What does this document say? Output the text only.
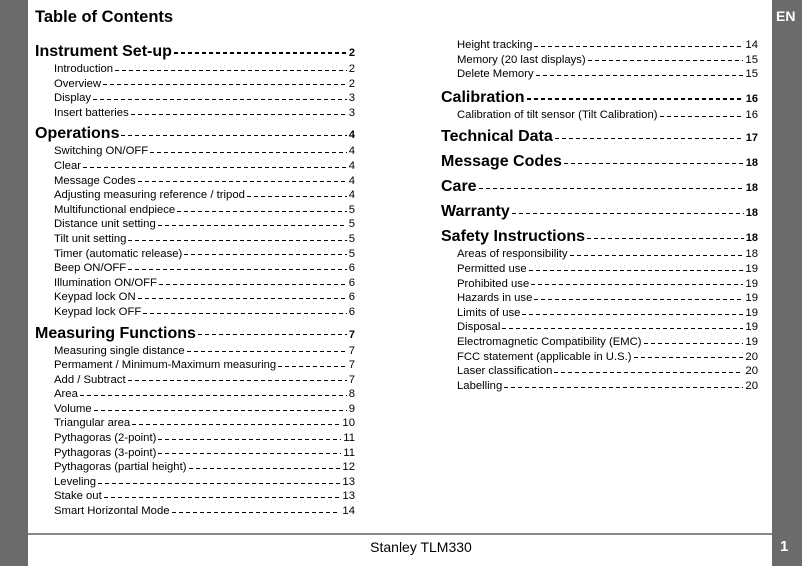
EN
1
Stanley TLM330
Table of Contents
Instrument Set-up	2
Introduction	2
Overview	2
Display	3
Insert batteries	3
Operations	4
Switching ON/OFF	4
Clear	4
Message Codes	4
Adjusting measuring reference / tripod	4
Multifunctional endpiece	5
Distance unit setting	5
Tilt unit setting	5
Timer (automatic release)	5
Beep ON/OFF	6
Illumination ON/OFF	6
Keypad lock ON	6
Keypad lock OFF	6
Measuring Functions	7
Measuring single distance	7
Permament / Minimum-Maximum measuring	7
Add / Subtract	7
Area	8
Volume	9
Triangular area	10
Pythagoras (2-point)	11
Pythagoras (3-point)	11
Pythagoras (partial height)	12
Leveling	13
Stake out	13
Smart Horizontal Mode	14
Height tracking	14
Memory (20 last displays)	15
Delete Memory	15
Calibration	16
Calibration of tilt sensor (Tilt Calibration)	16
Technical Data	17
Message Codes	18
Care	18
Warranty	18
Safety Instructions	18
Areas of responsibility	18
Permitted use	19
Prohibited use	19
Hazards in use	19
Limits of use	19
Disposal	19
Electromagnetic Compatibility (EMC)	19
FCC statement (applicable in U.S.)	20
Laser classification	20
Labelling	20
